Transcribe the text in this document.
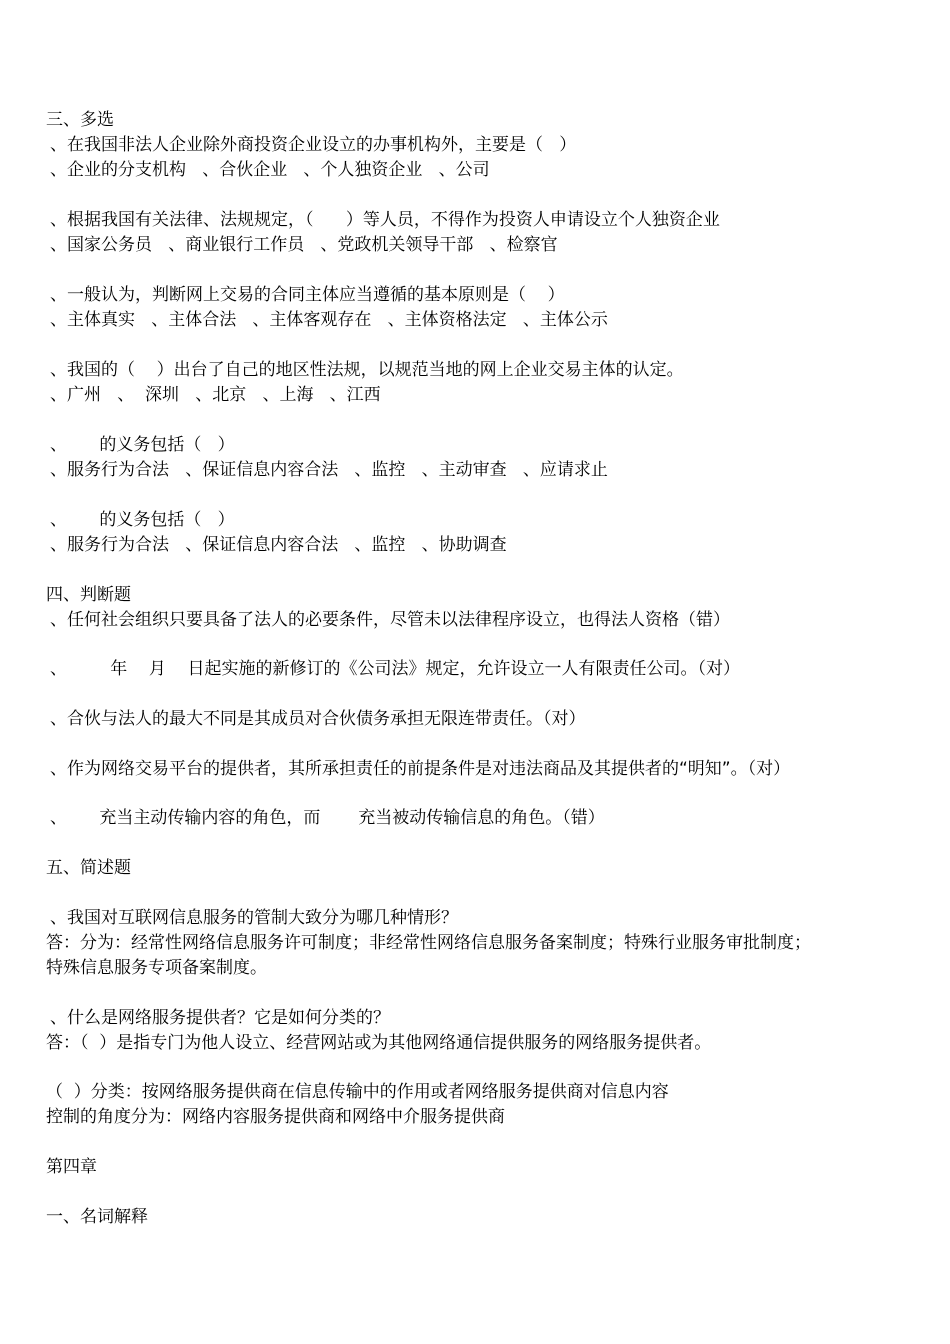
三、多选
、在我国非法人企业除外商投资企业设立的办事机构外，主要是（   ）
、企业的分支机构   、合伙企业   、个人独资企业   、公司
、根据我国有关法律、法规规定，（      ）等人员，不得作为投资人申请设立个人独资企业
、国家公务员   、商业银行工作员   、党政机关领导干部   、检察官
、一般认为，判断网上交易的合同主体应当遵循的基本原则是（    ）
、主体真实   、主体合法   、主体客观存在   、主体资格法定   、主体公示
、我国的（    ）出台了自己的地区性法规，以规范当地的网上企业交易主体的认定。
、广州   、  深圳   、北京   、上海   、江西
、      的义务包括（   ）
、服务行为合法   、保证信息内容合法   、监控   、主动审查   、应请求止
、      的义务包括（   ）
、服务行为合法   、保证信息内容合法   、监控   、协助调查
四、判断题
、任何社会组织只要具备了法人的必要条件，尽管未以法律程序设立，也得法人资格（错）
、        年    月    日起实施的新修订的《公司法》规定，允许设立一人有限责任公司。（对）
、合伙与法人的最大不同是其成员对合伙债务承担无限连带责任。（对）
、作为网络交易平台的提供者，其所承担责任的前提条件是对违法商品及其提供者的“明知”。（对）
、      充当主动传输内容的角色，而       充当被动传输信息的角色。（错）
五、简述题
、我国对互联网信息服务的管制大致分为哪几种情形？
答：分为：经常性网络信息服务许可制度；非经常性网络信息服务备案制度；特殊行业服务审批制度；
特殊信息服务专项备案制度。
、什么是网络服务提供者？它是如何分类的？
答：（  ）是指专门为他人设立、经营网站或为其他网络通信提供服务的网络服务提供者。
（  ）分类：按网络服务提供商在信息传输中的作用或者网络服务提供商对信息内容
控制的角度分为：网络内容服务提供商和网络中介服务提供商
第四章
一、名词解释
